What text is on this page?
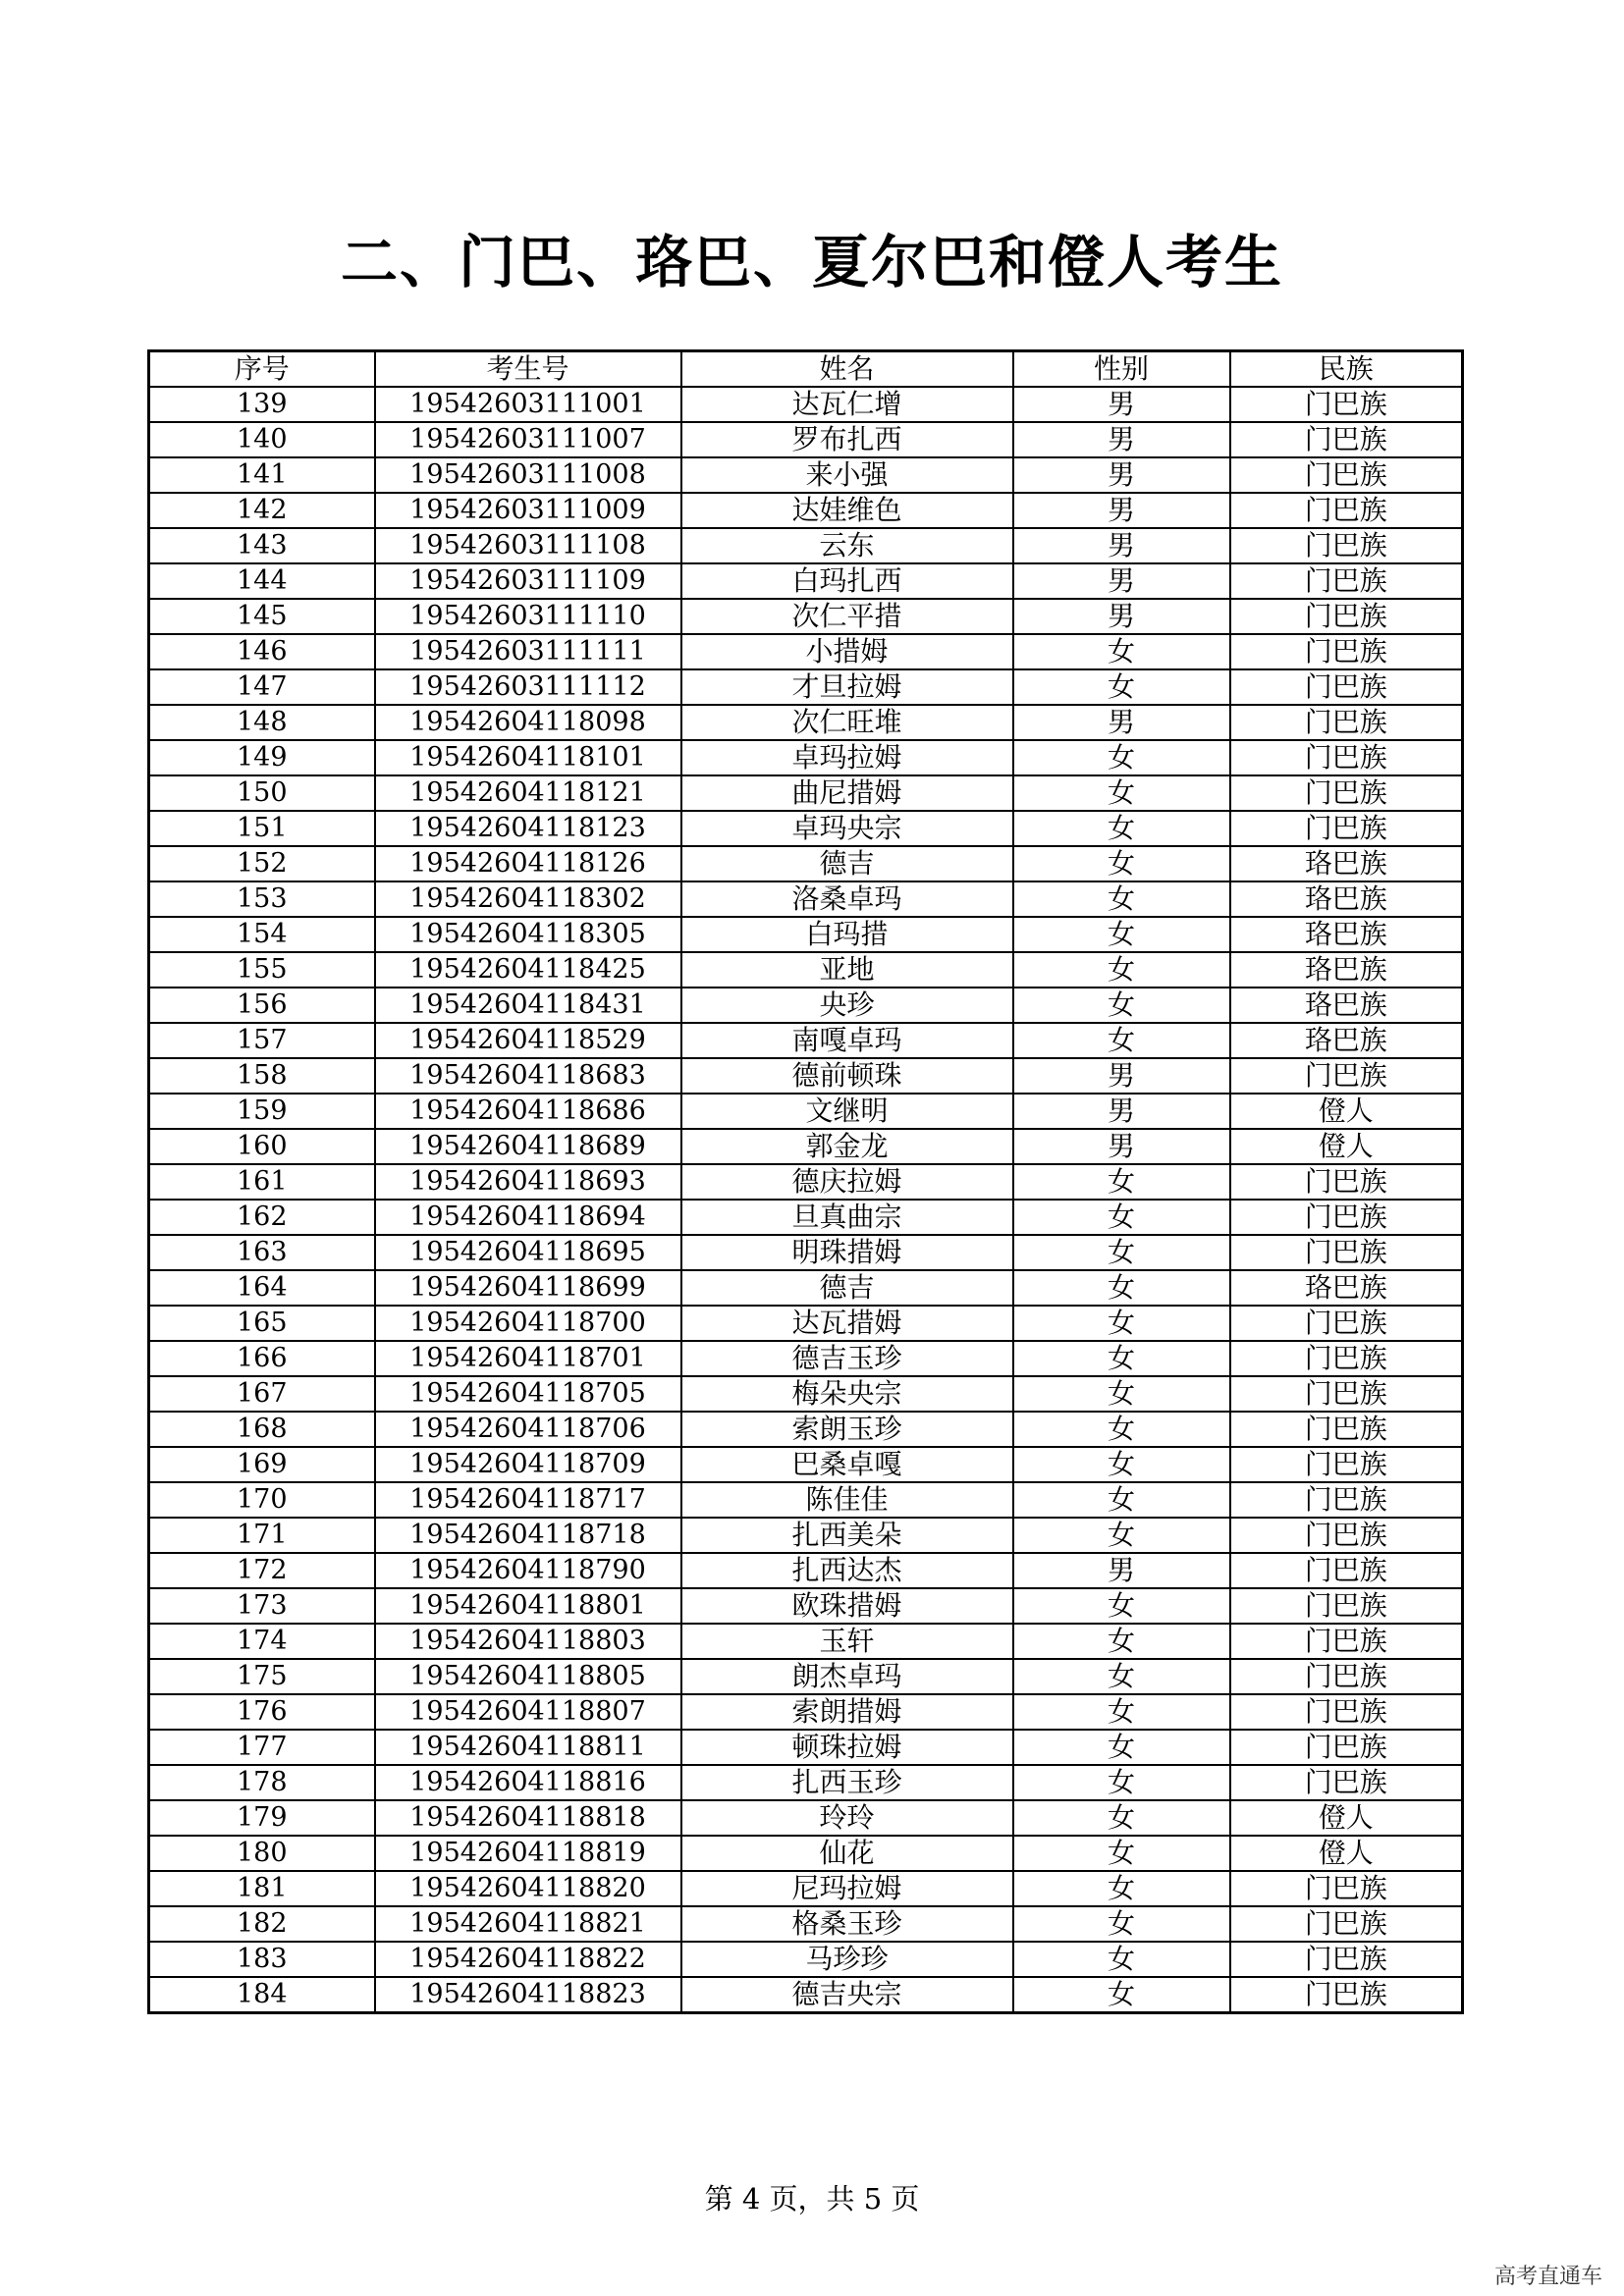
二、门巴、珞巴、夏尔巴和僜人考生
序号	考生号	姓名	性别	民族
139	19542603111001	达瓦仁增	男	门巴族
140	19542603111007	罗布扎西	男	门巴族
141	19542603111008	来小强	男	门巴族
142	19542603111009	达娃维色	男	门巴族
143	19542603111108	云东	男	门巴族
144	19542603111109	白玛扎西	男	门巴族
145	19542603111110	次仁平措	男	门巴族
146	19542603111111	小措姆	女	门巴族
147	19542603111112	才旦拉姆	女	门巴族
148	19542604118098	次仁旺堆	男	门巴族
149	19542604118101	卓玛拉姆	女	门巴族
150	19542604118121	曲尼措姆	女	门巴族
151	19542604118123	卓玛央宗	女	门巴族
152	19542604118126	德吉	女	珞巴族
153	19542604118302	洛桑卓玛	女	珞巴族
154	19542604118305	白玛措	女	珞巴族
155	19542604118425	亚地	女	珞巴族
156	19542604118431	央珍	女	珞巴族
157	19542604118529	南嘎卓玛	女	珞巴族
158	19542604118683	德前顿珠	男	门巴族
159	19542604118686	文继明	男	僜人
160	19542604118689	郭金龙	男	僜人
161	19542604118693	德庆拉姆	女	门巴族
162	19542604118694	旦真曲宗	女	门巴族
163	19542604118695	明珠措姆	女	门巴族
164	19542604118699	德吉	女	珞巴族
165	19542604118700	达瓦措姆	女	门巴族
166	19542604118701	德吉玉珍	女	门巴族
167	19542604118705	梅朵央宗	女	门巴族
168	19542604118706	索朗玉珍	女	门巴族
169	19542604118709	巴桑卓嘎	女	门巴族
170	19542604118717	陈佳佳	女	门巴族
171	19542604118718	扎西美朵	女	门巴族
172	19542604118790	扎西达杰	男	门巴族
173	19542604118801	欧珠措姆	女	门巴族
174	19542604118803	玉轩	女	门巴族
175	19542604118805	朗杰卓玛	女	门巴族
176	19542604118807	索朗措姆	女	门巴族
177	19542604118811	顿珠拉姆	女	门巴族
178	19542604118816	扎西玉珍	女	门巴族
179	19542604118818	玲玲	女	僜人
180	19542604118819	仙花	女	僜人
181	19542604118820	尼玛拉姆	女	门巴族
182	19542604118821	格桑玉珍	女	门巴族
183	19542604118822	马珍珍	女	门巴族
184	19542604118823	德吉央宗	女	门巴族
第 4 页，共 5 页
高考直通车
